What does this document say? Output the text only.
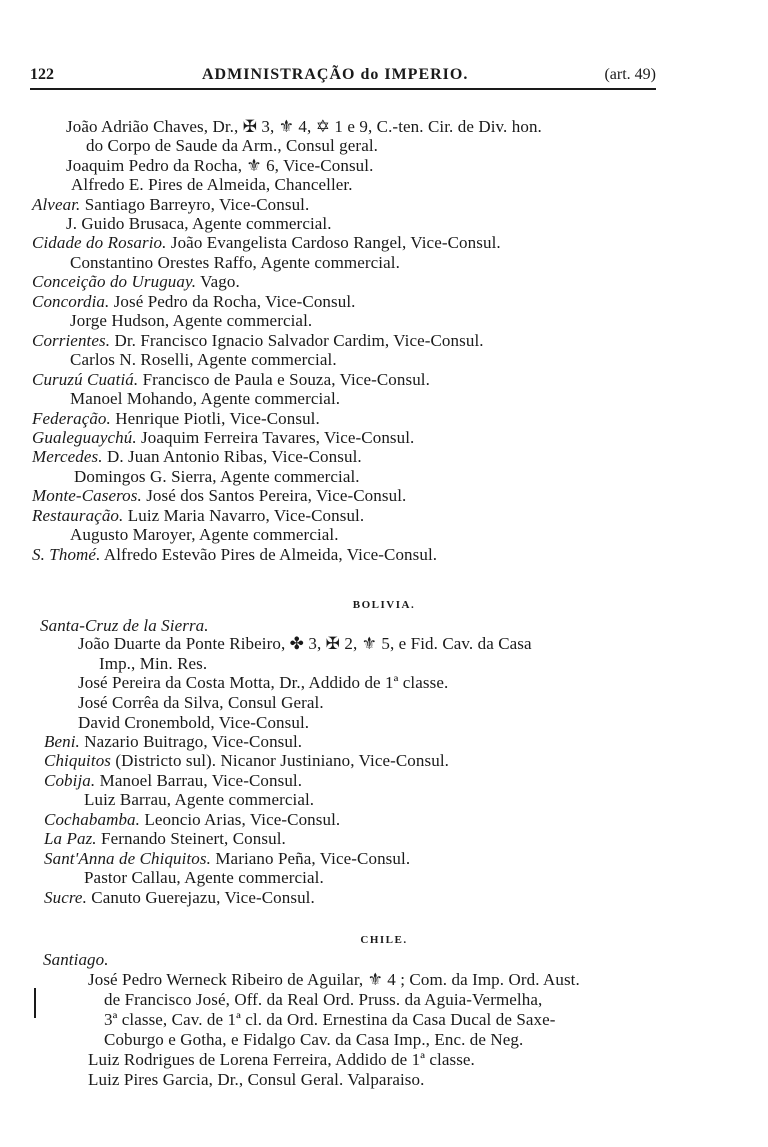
122	ADMINISTRAÇÃO do IMPERIO.	(art. 49)
João Adrião Chaves, Dr., ✠ 3, ⚜ 4, ✡ 1 e 9, C.-ten. Cir. de Div. hon.
do Corpo de Saude da Arm., Consul geral.
Joaquim Pedro da Rocha, ⚜ 6, Vice-Consul.
Alfredo E. Pires de Almeida, Chanceller.
Alvear. Santiago Barreyro, Vice-Consul.
J. Guido Brusaca, Agente commercial.
Cidade do Rosario. João Evangelista Cardoso Rangel, Vice-Consul.
Constantino Orestes Raffo, Agente commercial.
Conceição do Uruguay. Vago.
Concordia. José Pedro da Rocha, Vice-Consul.
Jorge Hudson, Agente commercial.
Corrientes. Dr. Francisco Ignacio Salvador Cardim, Vice-Consul.
Carlos N. Roselli, Agente commercial.
Curuzú Cuatiá. Francisco de Paula e Souza, Vice-Consul.
Manoel Mohando, Agente commercial.
Federação. Henrique Piotli, Vice-Consul.
Gualeguaychú. Joaquim Ferreira Tavares, Vice-Consul.
Mercedes. D. Juan Antonio Ribas, Vice-Consul.
Domingos G. Sierra, Agente commercial.
Monte-Caseros. José dos Santos Pereira, Vice-Consul.
Restauração. Luiz Maria Navarro, Vice-Consul.
Augusto Maroyer, Agente commercial.
S. Thomé. Alfredo Estevão Pires de Almeida, Vice-Consul.
BOLIVIA.
Santa-Cruz de la Sierra.
João Duarte da Ponte Ribeiro, ✤ 3, ✠ 2, ⚜ 5, e Fid. Cav. da Casa
Imp., Min. Res.
José Pereira da Costa Motta, Dr., Addido de 1ª classe.
José Corrêa da Silva, Consul Geral.
David Cronembold, Vice-Consul.
Beni. Nazario Buitrago, Vice-Consul.
Chiquitos (Districto sul). Nicanor Justiniano, Vice-Consul.
Cobija. Manoel Barrau, Vice-Consul.
Luiz Barrau, Agente commercial.
Cochabamba. Leoncio Arias, Vice-Consul.
La Paz. Fernando Steinert, Consul.
Sant'Anna de Chiquitos. Mariano Peña, Vice-Consul.
Pastor Callau, Agente commercial.
Sucre. Canuto Guerejazu, Vice-Consul.
CHILE.
Santiago.
José Pedro Werneck Ribeiro de Aguilar, ⚜ 4 ; Com. da Imp. Ord. Aust.
de Francisco José, Off. da Real Ord. Pruss. da Aguia-Vermelha,
3ª classe, Cav. de 1ª cl. da Ord. Ernestina da Casa Ducal de Saxe-
Coburgo e Gotha, e Fidalgo Cav. da Casa Imp., Enc. de Neg.
Luiz Rodrigues de Lorena Ferreira, Addido de 1ª classe.
Luiz Pires Garcia, Dr., Consul Geral. Valparaiso.
